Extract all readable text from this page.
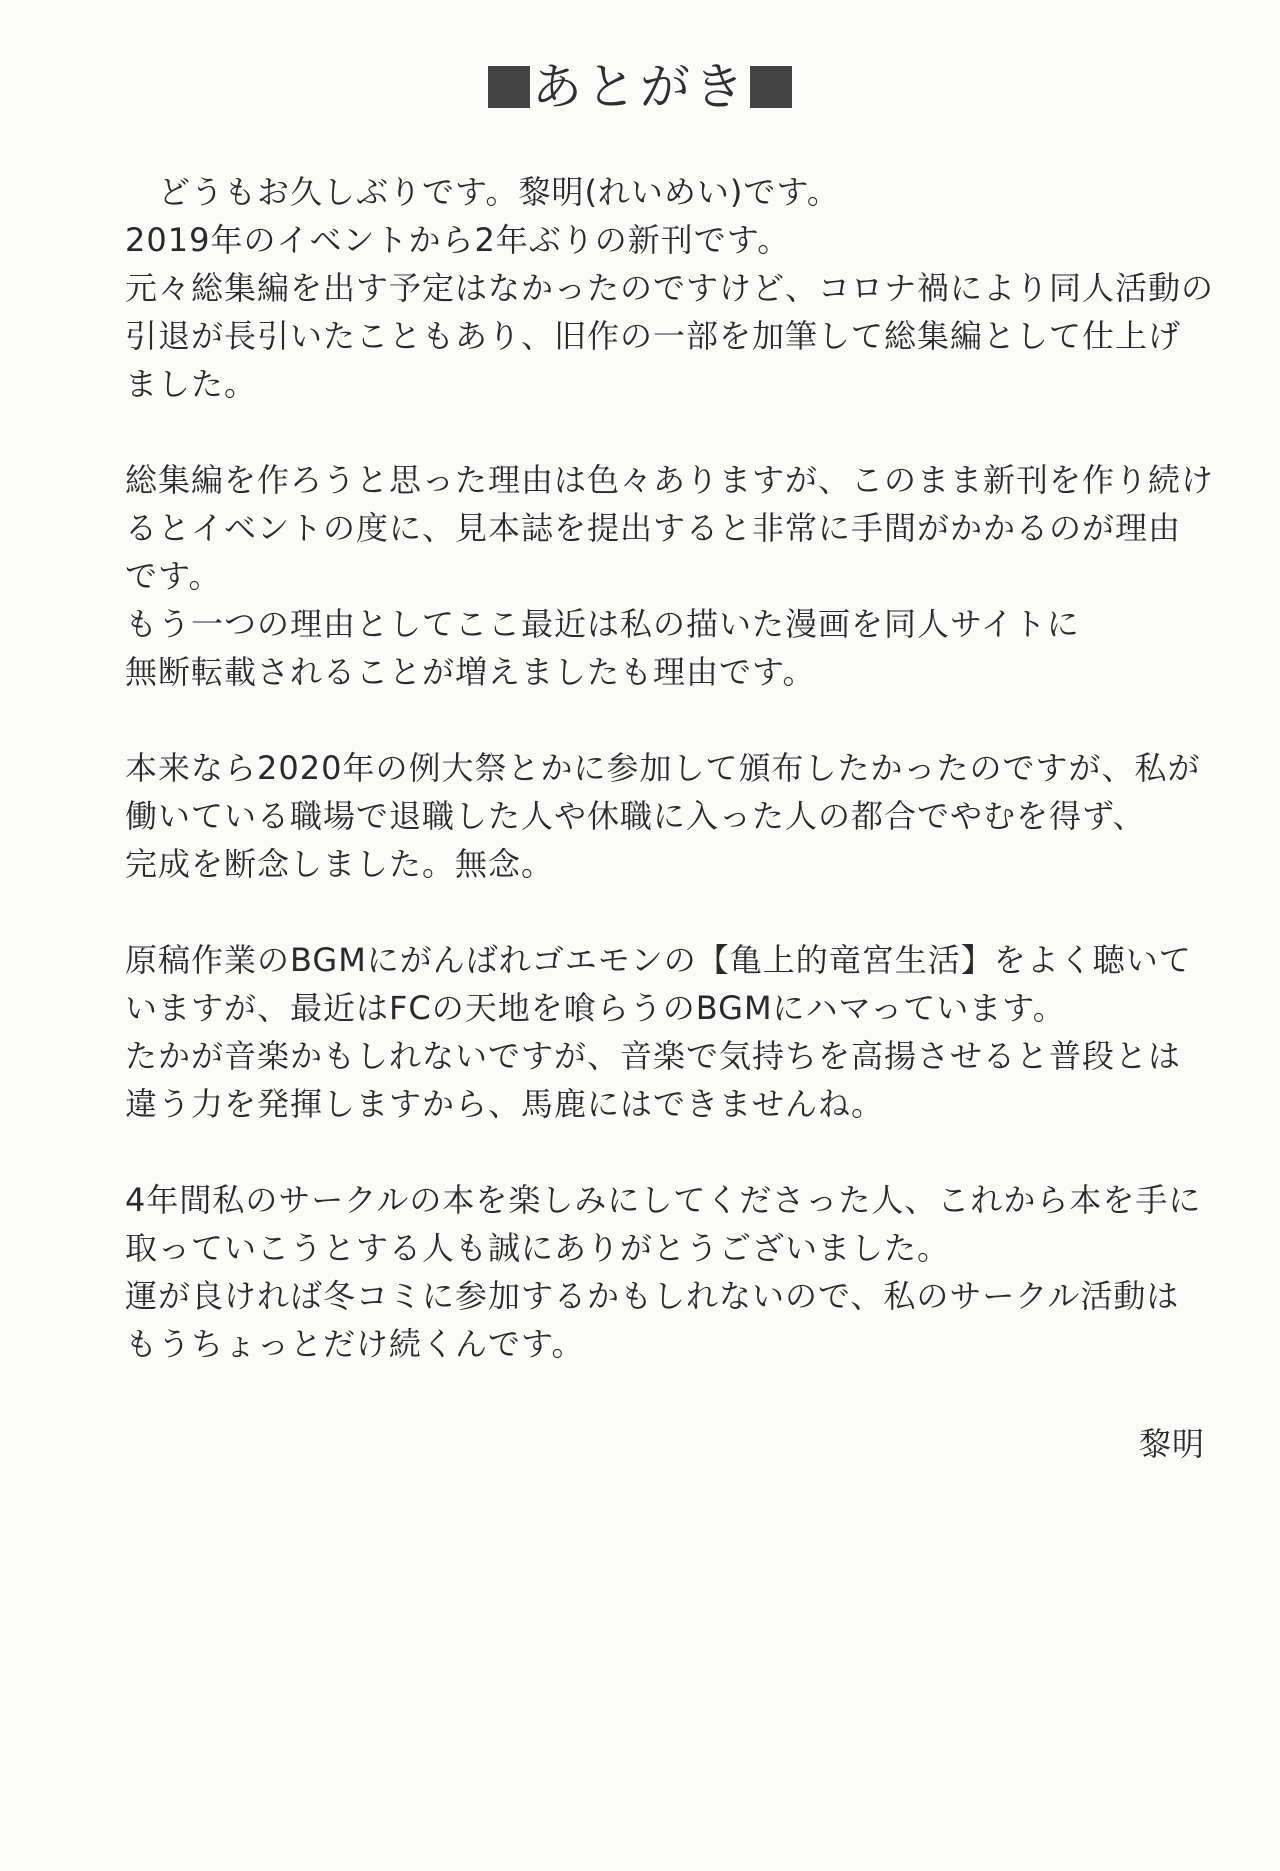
あとがき
　どうもお久しぶりです。黎明(れいめい)です。
2019年のイベントから2年ぶりの新刊です。
元々総集編を出す予定はなかったのですけど、コロナ禍により同人活動の
引退が長引いたこともあり、旧作の一部を加筆して総集編として仕上げ
ました。
総集編を作ろうと思った理由は色々ありますが、このまま新刊を作り続け
るとイベントの度に、見本誌を提出すると非常に手間がかかるのが理由
です。
もう一つの理由としてここ最近は私の描いた漫画を同人サイトに
無断転載されることが増えましたも理由です。
本来なら2020年の例大祭とかに参加して頒布したかったのですが、私が
働いている職場で退職した人や休職に入った人の都合でやむを得ず、
完成を断念しました。無念。
原稿作業のBGMにがんばれゴエモンの【亀上的竜宮生活】をよく聴いて
いますが、最近はFCの天地を喰らうのBGMにハマっています。
たかが音楽かもしれないですが、音楽で気持ちを高揚させると普段とは
違う力を発揮しますから、馬鹿にはできませんね。
4年間私のサークルの本を楽しみにしてくださった人、これから本を手に
取っていこうとする人も誠にありがとうございました。
運が良ければ冬コミに参加するかもしれないので、私のサークル活動は
もうちょっとだけ続くんです。
黎明
